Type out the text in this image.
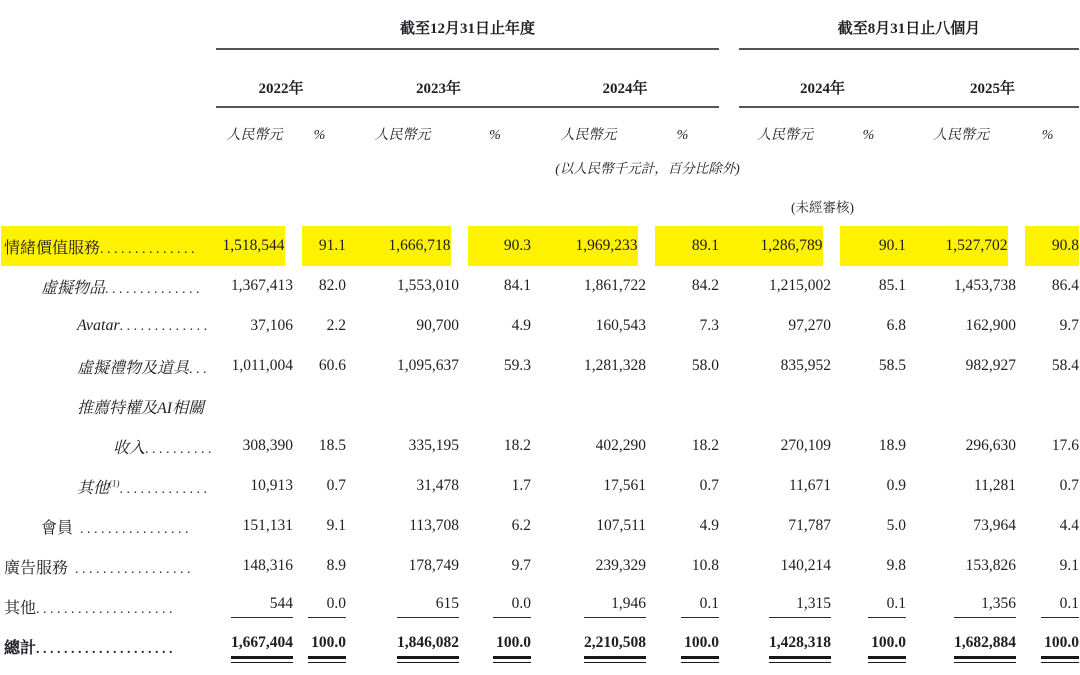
	截至12月31日止年度							截至8月31日止八個月			
	2022年		2023年		2024年			2024年		2025年	
	人民幣元	%	人民幣元	%	人民幣元	%		人民幣元	%	人民幣元	%
	(以人民幣千元計，百分比除外)										
								(未經審核)			
情緒價值服務..............	1,518,544	91.1	1,666,718	90.3	1,969,233	89.1		1,286,789	90.1	1,527,702	90.8
虛擬物品..............	1,367,413	82.0	1,553,010	84.1	1,861,722	84.2		1,215,002	85.1	1,453,738	86.4
Avatar.............	37,106	2.2	90,700	4.9	160,543	7.3		97,270	6.8	162,900	9.7
虛擬禮物及道具...	1,011,004	60.6	1,095,637	59.3	1,281,328	58.0		835,952	58.5	982,927	58.4
推薦特權及AI相關											
收入..........	308,390	18.5	335,195	18.2	402,290	18.2		270,109	18.9	296,630	17.6
其他$^{(1)}$.............	10,913	0.7	31,478	1.7	17,561	0.7		11,671	0.9	11,281	0.7
會員 ................	151,131	9.1	113,708	6.2	107,511	4.9		71,787	5.0	73,964	4.4
廣告服務 .................	148,316	8.9	178,749	9.7	239,329	10.8		140,214	9.8	153,826	9.1
其他....................	544	0.0	615	0.0	1,946	0.1		1,315	0.1	1,356	0.1
總計....................	1,667,404	100.0	1,846,082	100.0	2,210,508	100.0		1,428,318	100.0	1,682,884	100.0
